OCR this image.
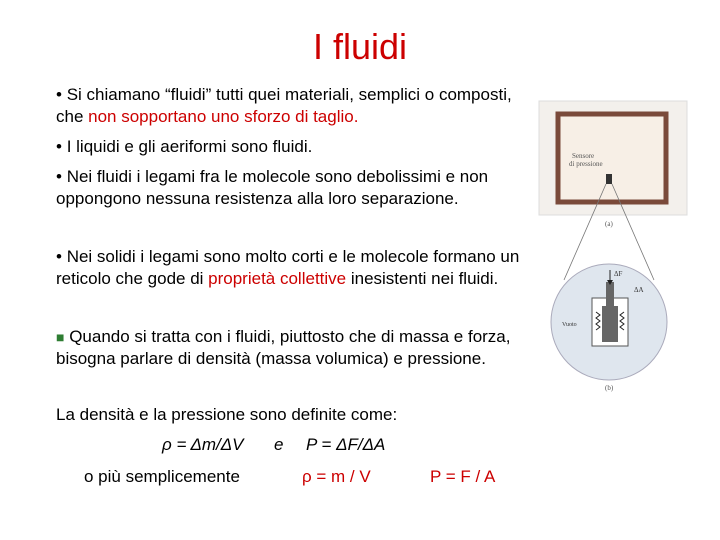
I fluidi
• Si chiamano “fluidi” tutti quei materiali, semplici o composti, che non sopportano uno sforzo di taglio.
• I liquidi e gli aeriformi sono fluidi.
• Nei fluidi i legami fra le molecole sono debolissimi e non oppongono nessuna resistenza alla loro separazione.
• Nei solidi i legami sono molto corti e le molecole formano un reticolo che gode di proprietà collettive inesistenti nei fluidi.
■ Quando si tratta con i fluidi, piuttosto che di massa e forza, bisogna parlare di densità (massa volumica) e pressione.
La densità e la pressione sono definite come:
ρ = Δm/ΔV e P = ΔF/ΔA
o più semplicemente	ρ = m / V	P = F / A
Sensore
di pressione
(a)
ΔF
ΔA
Vuoto
(b)
